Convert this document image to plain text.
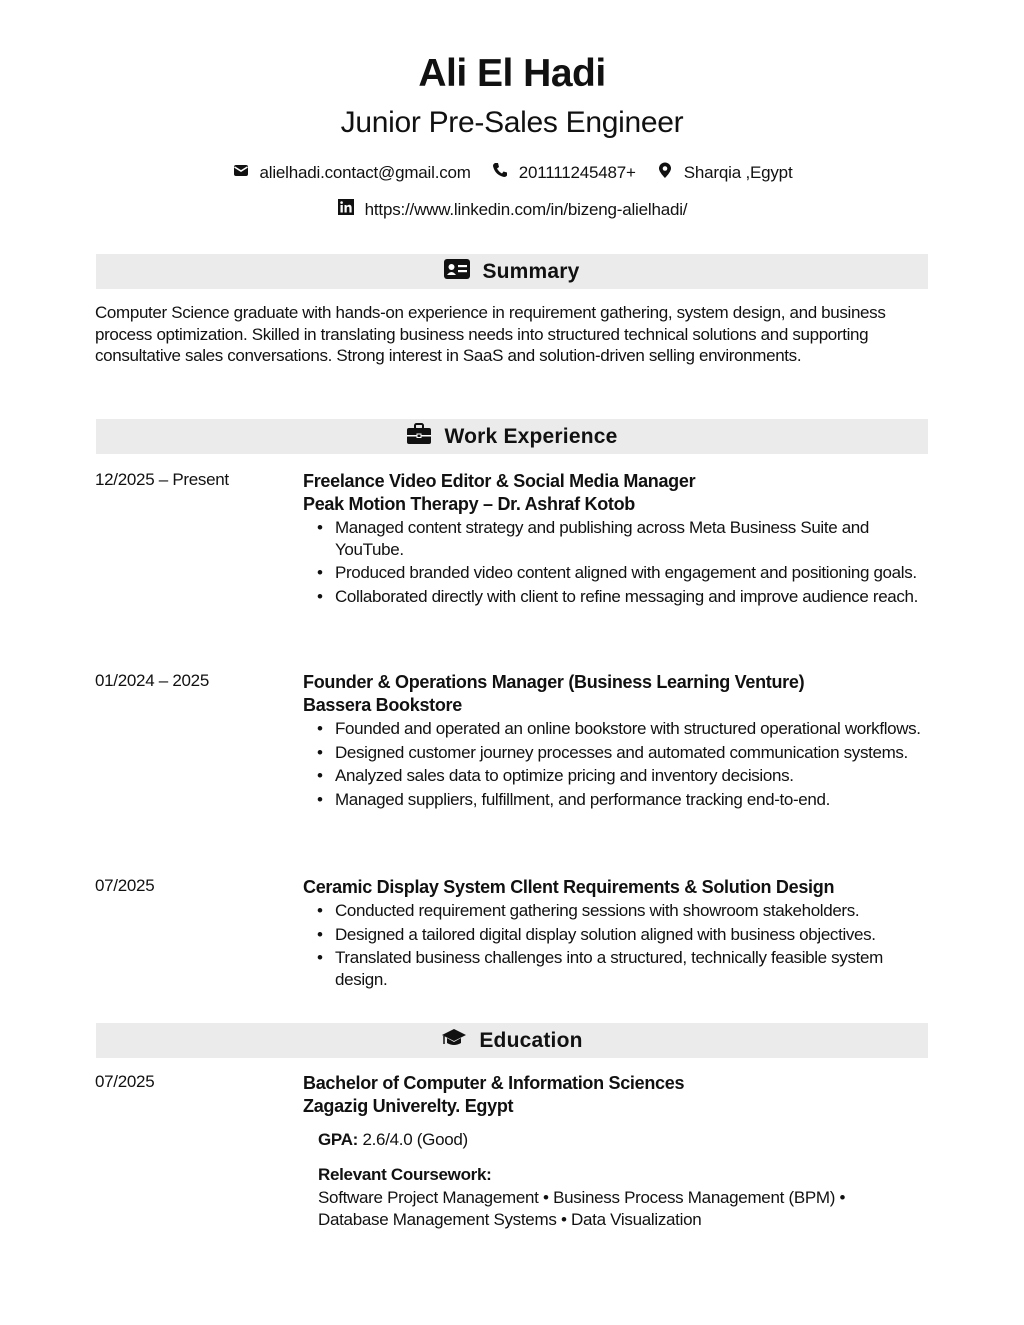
Ali El Hadi
Junior Pre-Sales Engineer
alielhadi.contact@gmail.com	201111245487+	Sharqia ,Egypt
https://www.linkedin.com/in/bizeng-alielhadi/
Summary
Computer Science graduate with hands-on experience in requirement gathering, system design, and business process optimization. Skilled in translating business needs into structured technical solutions and supporting consultative sales conversations. Strong interest in SaaS and solution-driven selling environments.
Work Experience
12/2025 – Present	Freelance Video Editor & Social Media Manager
Peak Motion Therapy – Dr. Ashraf Kotob
• Managed content strategy and publishing across Meta Business Suite and YouTube.
• Produced branded video content aligned with engagement and positioning goals.
• Collaborated directly with client to refine messaging and improve audience reach.
01/2024 – 2025	Founder & Operations Manager (Business Learning Venture)
Bassera Bookstore
• Founded and operated an online bookstore with structured operational workflows.
• Designed customer journey processes and automated communication systems.
• Analyzed sales data to optimize pricing and inventory decisions.
• Managed suppliers, fulfillment, and performance tracking end-to-end.
07/2025	Ceramic Display System Cllent Requirements & Solution Design
• Conducted requirement gathering sessions with showroom stakeholders.
• Designed a tailored digital display solution aligned with business objectives.
• Translated business challenges into a structured, technically feasible system design.
Education
07/2025	Bachelor of Computer & Information Sciences
Zagazig Univerelty. Egypt
GPA: 2.6/4.0 (Good)
Relevant Coursework:
Software Project Management • Business Process Management (BPM) • Database Management Systems • Data Visualization
